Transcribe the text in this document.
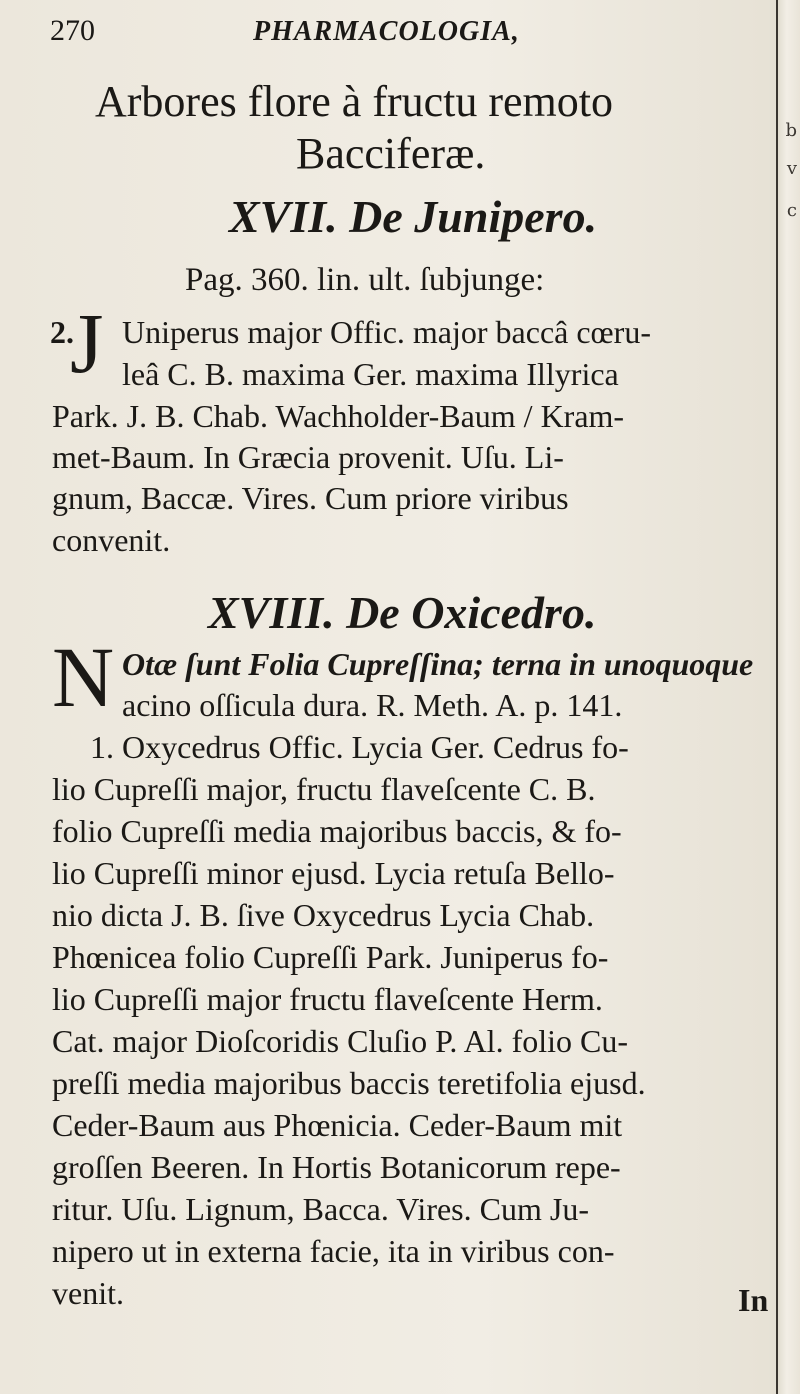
270	PHARMACOLOGIA,
Arbores flore à fructu remoto
Bacciferæ.
XVII. De Junipero.
Pag. 360. lin. ult. ſubjunge:
2.
J Uniperus major Offic. major baccâ cœru-
leâ C. B. maxima Ger. maxima Illyrica
Park. J. B. Chab. Wachholder-Baum / Kram-
met-Baum. In Græcia provenit. Uſu. Li-
gnum, Baccæ. Vires. Cum priore viribus
convenit.
XVIII. De Oxicedro.
N Otæ ſunt Folia Cupreſſina; terna in unoquoque
acino oſſicula dura. R. Meth. A. p. 141.
1. Oxycedrus Offic. Lycia Ger. Cedrus fo-
lio Cupreſſi major, fructu flaveſcente C. B.
folio Cupreſſi media majoribus baccis, & fo-
lio Cupreſſi minor ejusd. Lycia retuſa Bello-
nio dicta J. B. ſive Oxycedrus Lycia Chab.
Phœnicea folio Cupreſſi Park. Juniperus fo-
lio Cupreſſi major fructu flaveſcente Herm.
Cat. major Dioſcoridis Cluſio P. Al. folio Cu-
preſſi media majoribus baccis teretifolia ejusd.
Ceder-Baum aus Phœnicia. Ceder-Baum mit
groſſen Beeren. In Hortis Botanicorum repe-
ritur. Uſu. Lignum, Bacca. Vires. Cum Ju-
nipero ut in externa facie, ita in viribus con-
venit.	In
b
v
c
